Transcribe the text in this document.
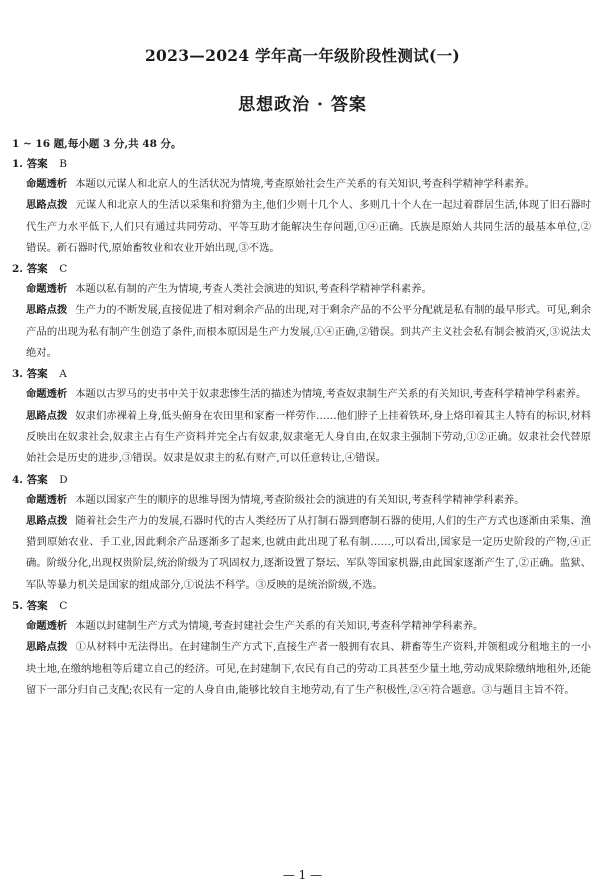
2023—2024 学年高一年级阶段性测试(一)
思想政治 · 答案
1 ~ 16 题,每小题 3 分,共 48 分。
1. 答案 B
命题透析 本题以元谋人和北京人的生活状况为情境,考查原始社会生产关系的有关知识,考查科学精神学科素养。
思路点拨 元谋人和北京人的生活以采集和狩猎为主,他们少则十几个人、多则几十个人在一起过着群居生活,体现了旧石器时代生产力水平低下,人们只有通过共同劳动、平等互助才能解决生存问题,①④正确。氏族是原始人共同生活的最基本单位,②错误。新石器时代,原始畜牧业和农业开始出现,③不选。
2. 答案 C
命题透析 本题以私有制的产生为情境,考查人类社会演进的知识,考查科学精神学科素养。
思路点拨 生产力的不断发展,直接促进了相对剩余产品的出现,对于剩余产品的不公平分配就是私有制的最早形式。可见,剩余产品的出现为私有制产生创造了条件,而根本原因是生产力发展,①④正确,②错误。到共产主义社会私有制会被消灭,③说法太绝对。
3. 答案 A
命题透析 本题以古罗马的史书中关于奴隶悲惨生活的描述为情境,考查奴隶制生产关系的有关知识,考查科学精神学科素养。
思路点拨 奴隶们赤裸着上身,低头俯身在农田里和家畜一样劳作……他们脖子上挂着铁环,身上烙印着其主人特有的标识,材料反映出在奴隶社会,奴隶主占有生产资料并完全占有奴隶,奴隶毫无人身自由,在奴隶主强制下劳动,①②正确。奴隶社会代替原始社会是历史的进步,③错误。奴隶是奴隶主的私有财产,可以任意转让,④错误。
4. 答案 D
命题透析 本题以国家产生的顺序的思维导图为情境,考查阶级社会的演进的有关知识,考查科学精神学科素养。
思路点拨 随着社会生产力的发展,石器时代的古人类经历了从打制石器到磨制石器的使用,人们的生产方式也逐渐由采集、渔猎到原始农业、手工业,因此剩余产品逐渐多了起来,也就由此出现了私有制……,可以看出,国家是一定历史阶段的产物,④正确。阶级分化,出现权贵阶层,统治阶级为了巩固权力,逐渐设置了祭坛、军队等国家机器,由此国家逐渐产生了,②正确。监狱、军队等暴力机关是国家的组成部分,①说法不科学。③反映的是统治阶级,不选。
5. 答案 C
命题透析 本题以封建制生产方式为情境,考查封建社会生产关系的有关知识,考查科学精神学科素养。
思路点拨 ①从材料中无法得出。在封建制生产方式下,直接生产者一般拥有农具、耕畜等生产资料,并领租或分租地主的一小块土地,在缴纳地租等后建立自己的经济。可见,在封建制下,农民有自己的劳动工具甚至少量土地,劳动成果除缴纳地租外,还能留下一部分归自己支配;农民有一定的人身自由,能够比较自主地劳动,有了生产积极性,②④符合题意。③与题目主旨不符。
— 1 —
